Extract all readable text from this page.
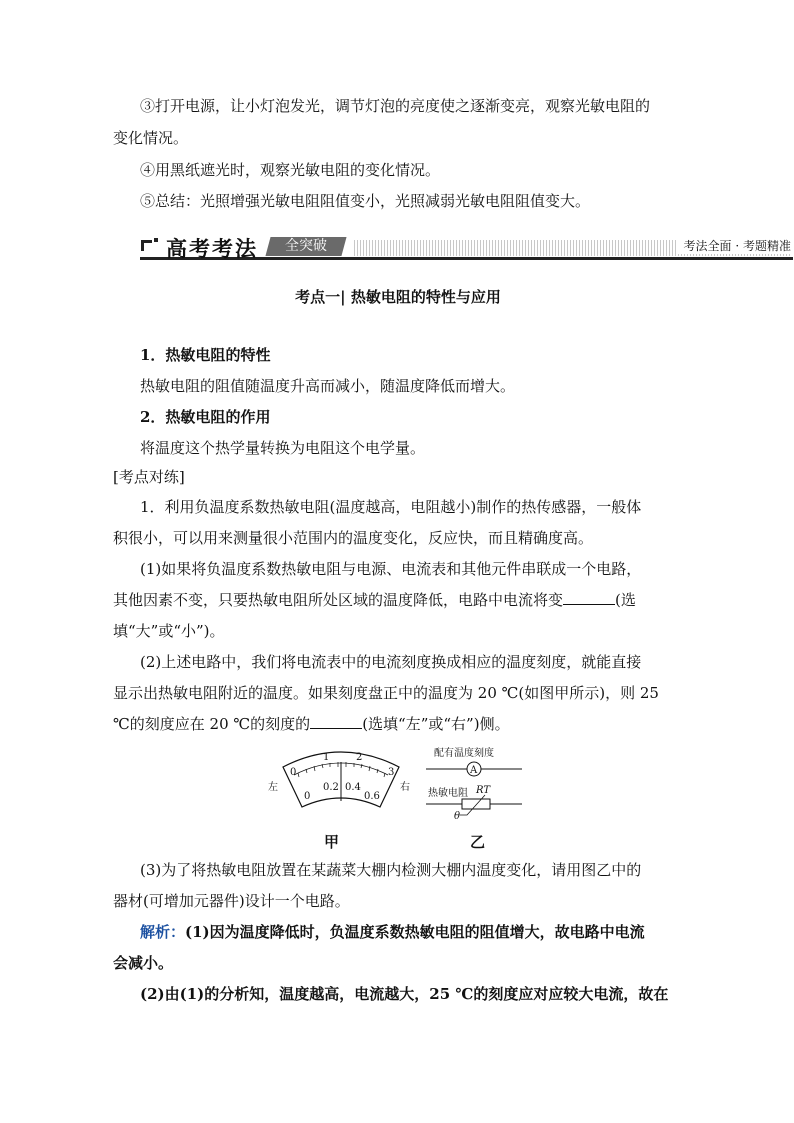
③打开电源，让小灯泡发光，调节灯泡的亮度使之逐渐变亮，观察光敏电阻的
变化情况。
④用黑纸遮光时，观察光敏电阻的变化情况。
⑤总结：光照增强光敏电阻阻值变小，光照减弱光敏电阻阻值变大。
高考考法	全突破	考法全面 · 考题精准
考点一| 热敏电阻的特性与应用
1．热敏电阻的特性
热敏电阻的阻值随温度升高而减小，随温度降低而增大。
2．热敏电阻的作用
将温度这个热学量转换为电阻这个电学量。
[考点对练]
1．利用负温度系数热敏电阻(温度越高，电阻越小)制作的热传感器，一般体
积很小，可以用来测量很小范围内的温度变化，反应快，而且精确度高。
(1)如果将负温度系数热敏电阻与电源、电流表和其他元件串联成一个电路，
其他因素不变，只要热敏电阻所处区域的温度降低，电路中电流将变	(选
填“大”或“小”)。
(2)上述电路中，我们将电流表中的电流刻度换成相应的温度刻度，就能直接
显示出热敏电阻附近的温度。如果刻度盘正中的温度为 20 ℃(如图甲所示)，则 25
℃的刻度应在 20 ℃的刻度的	(选填“左”或“右”)侧。
左	右
0
1	2
3
0
0.2 0.4
0.6
配有温度刻度
A
热敏电阻 RT
θ
甲	乙
(3)为了将热敏电阻放置在某蔬菜大棚内检测大棚内温度变化，请用图乙中的
器材(可增加元器件)设计一个电路。
解析：(1)因为温度降低时，负温度系数热敏电阻的阻值增大，故电路中电流
会减小。
(2)由(1)的分析知，温度越高，电流越大，25 ℃的刻度应对应较大电流，故在
